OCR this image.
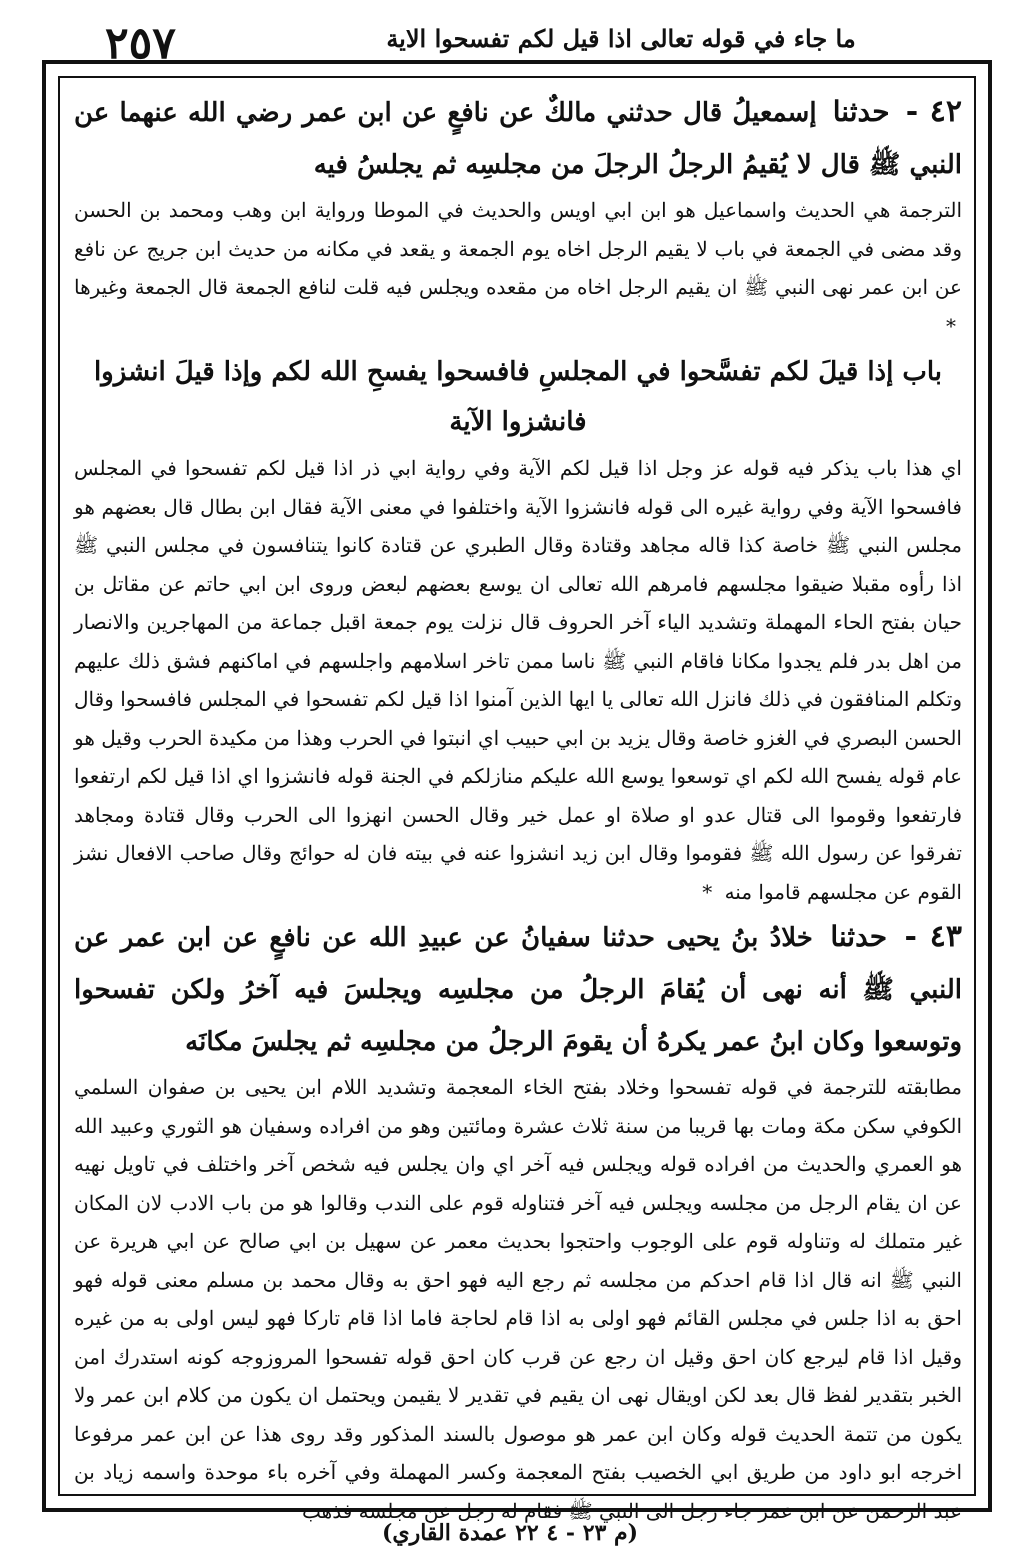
٢٥٧	ما جاء في قوله تعالى اذا قيل لكم تفسحوا الاية

٤٢ - حدثنا إسمعيلُ قال حدثني مالكٌ عن نافعٍ عن ابن عمر رضي الله عنهما عن النبي ﷺ قال لا يُقيمُ الرجلُ الرجلَ من مجلسِه ثم يجلسُ فيه

الترجمة هي الحديث واسماعيل هو ابن ابي اويس والحديث في الموطا ورواية ابن وهب ومحمد بن الحسن وقد مضى في الجمعة في باب لا يقيم الرجل اخاه يوم الجمعة و يقعد في مكانه من حديث ابن جريج عن نافع عن ابن عمر نهى النبي ﷺ ان يقيم الرجل اخاه من مقعده ويجلس فيه قلت لنافع الجمعة قال الجمعة وغيرها *

باب إذا قيلَ لكم تفسَّحوا في المجلسِ فافسحوا يفسحِ الله لكم وإذا قيلَ انشزوا فانشزوا الآية

اي هذا باب يذكر فيه قوله عز وجل اذا قيل لكم الآية وفي رواية ابي ذر اذا قيل لكم تفسحوا في المجلس فافسحوا الآية وفي رواية غيره الى قوله فانشزوا الآية واختلفوا في معنى الآية فقال ابن بطال قال بعضهم هو مجلس النبي ﷺ خاصة كذا قاله مجاهد وقتادة وقال الطبري عن قتادة كانوا يتنافسون في مجلس النبي ﷺ اذا رأوه مقبلا ضيقوا مجلسهم فامرهم الله تعالى ان يوسع بعضهم لبعض وروى ابن ابي حاتم عن مقاتل بن حيان بفتح الحاء المهملة وتشديد الياء آخر الحروف قال نزلت يوم جمعة اقبل جماعة من المهاجرين والانصار من اهل بدر فلم يجدوا مكانا فاقام النبي ﷺ ناسا ممن تاخر اسلامهم واجلسهم في اماكنهم فشق ذلك عليهم وتكلم المنافقون في ذلك فانزل الله تعالى يا ايها الذين آمنوا اذا قيل لكم تفسحوا في المجلس فافسحوا وقال الحسن البصري في الغزو خاصة وقال يزيد بن ابي حبيب اي انبتوا في الحرب وهذا من مكيدة الحرب وقيل هو عام قوله يفسح الله لكم اي توسعوا يوسع الله عليكم منازلكم في الجنة قوله فانشزوا اي اذا قيل لكم ارتفعوا فارتفعوا وقوموا الى قتال عدو او صلاة او عمل خير وقال الحسن انهزوا الى الحرب وقال قتادة ومجاهد تفرقوا عن رسول الله ﷺ فقوموا وقال ابن زيد انشزوا عنه في بيته فان له حوائج وقال صاحب الافعال نشز القوم عن مجلسهم قاموا منه *

٤٣ - حدثنا خلادُ بنُ يحيى حدثنا سفيانُ عن عبيدِ الله عن نافعٍ عن ابن عمر عن النبي ﷺ أنه نهى أن يُقامَ الرجلُ من مجلسِه ويجلسَ فيه آخرُ ولكن تفسحوا وتوسعوا وكان ابنُ عمر يكرهُ أن يقومَ الرجلُ من مجلسِه ثم يجلسَ مكانَه

مطابقته للترجمة في قوله تفسحوا وخلاد بفتح الخاء المعجمة وتشديد اللام ابن يحيى بن صفوان السلمي الكوفي سكن مكة ومات بها قريبا من سنة ثلاث عشرة ومائتين وهو من افراده وسفيان هو الثوري وعبيد الله هو العمري والحديث من افراده قوله ويجلس فيه آخر اي وان يجلس فيه شخص آخر واختلف في تاويل نهيه عن ان يقام الرجل من مجلسه ويجلس فيه آخر فتناوله قوم على الندب وقالوا هو من باب الادب لان المكان غير متملك له وتناوله قوم على الوجوب واحتجوا بحديث معمر عن سهيل بن ابي صالح عن ابي هريرة عن النبي ﷺ انه قال اذا قام احدكم من مجلسه ثم رجع اليه فهو احق به وقال محمد بن مسلم معنى قوله فهو احق به اذا جلس في مجلس القائم فهو اولى به اذا قام لحاجة فاما اذا قام تاركا فهو ليس اولى به من غيره وقيل اذا قام ليرجع كان احق وقيل ان رجع عن قرب كان احق قوله تفسحوا المروزوجه كونه استدرك امن الخبر بتقدير لفظ قال بعد لكن اويقال نهى ان يقيم في تقدير لا يقيمن ويحتمل ان يكون من كلام ابن عمر ولا يكون من تتمة الحديث قوله وكان ابن عمر هو موصول بالسند المذكور وقد روى هذا عن ابن عمر مرفوعا اخرجه ابو داود من طريق ابي الخصيب بفتح المعجمة وكسر المهملة وفي آخره باء موحدة واسمه زياد بن عبد الرحمن عن ابن عمر جاء رجل الى النبي ﷺ فقام له رجل عن مجلسه فذهب

(م ٢٣ - ٤ ٢٢ عمدة القاري)
